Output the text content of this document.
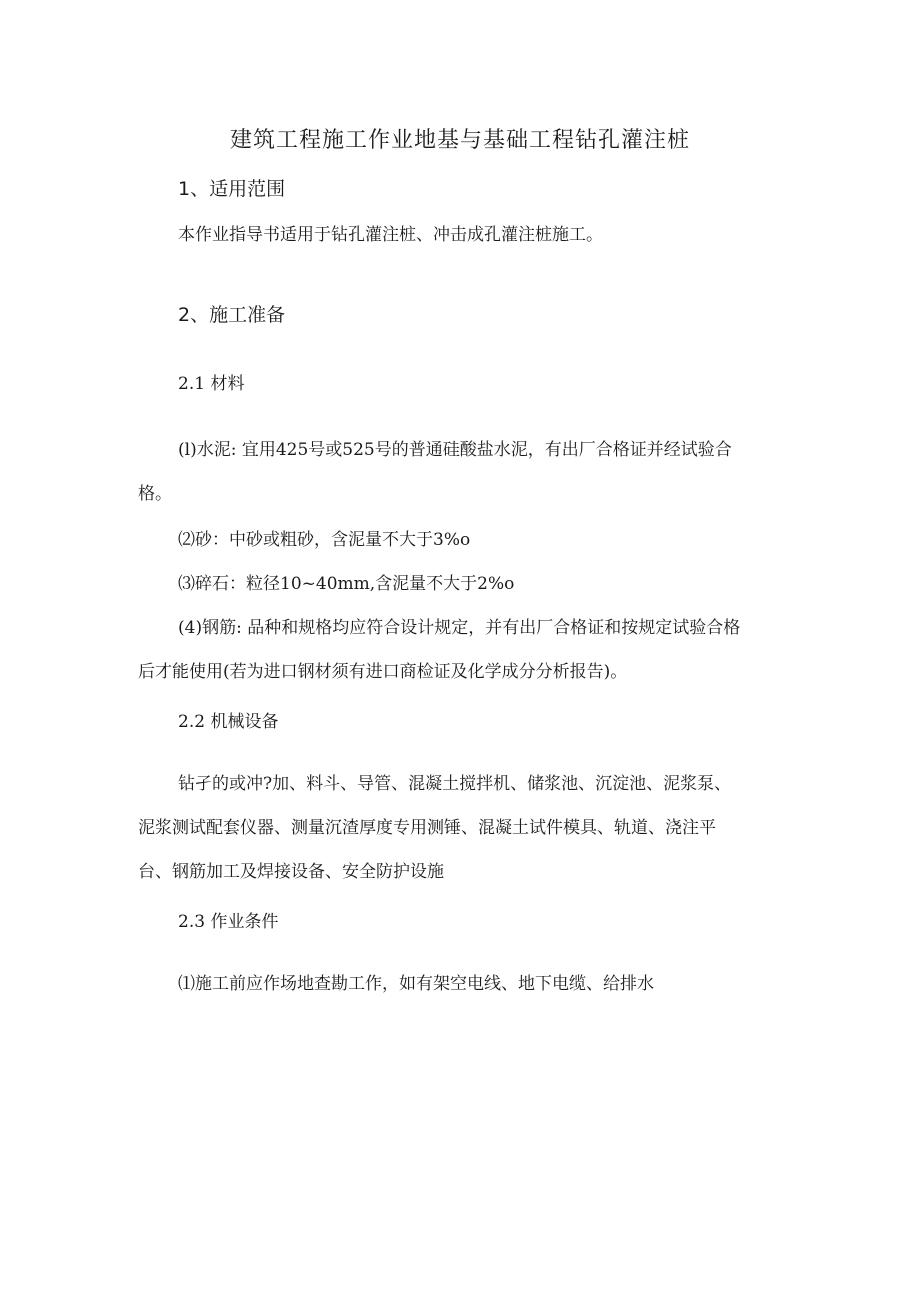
建筑工程施工作业地基与基础工程钻孔灌注桩
1、适用范围

本作业指导书适用于钻孔灌注桩、冲击成孔灌注桩施工。

2、施工准备

2.1 材料

(l)水泥: 宜用425号或525号的普通硅酸盐水泥，有出厂合格证并经试验合

格。

⑵砂：中砂或粗砂，含泥量不大于3%o

⑶碎石：粒径10~40mm,含泥量不大于2%o

(4)钢筋: 品种和规格均应符合设计规定，并有出厂合格证和按规定试验合格

后才能使用(若为进口钢材须有进口商检证及化学成分分析报告)。

2.2 机械设备

钻孑的或冲?加、料斗、导管、混凝土搅拌机、储浆池、沉淀池、泥浆泵、

泥浆测试配套仪器、测量沉渣厚度专用测锤、混凝土试件模具、轨道、浇注平

台、钢筋加工及焊接设备、安全防护设施

2.3 作业条件

⑴施工前应作场地查勘工作，如有架空电线、地下电缆、给排水
